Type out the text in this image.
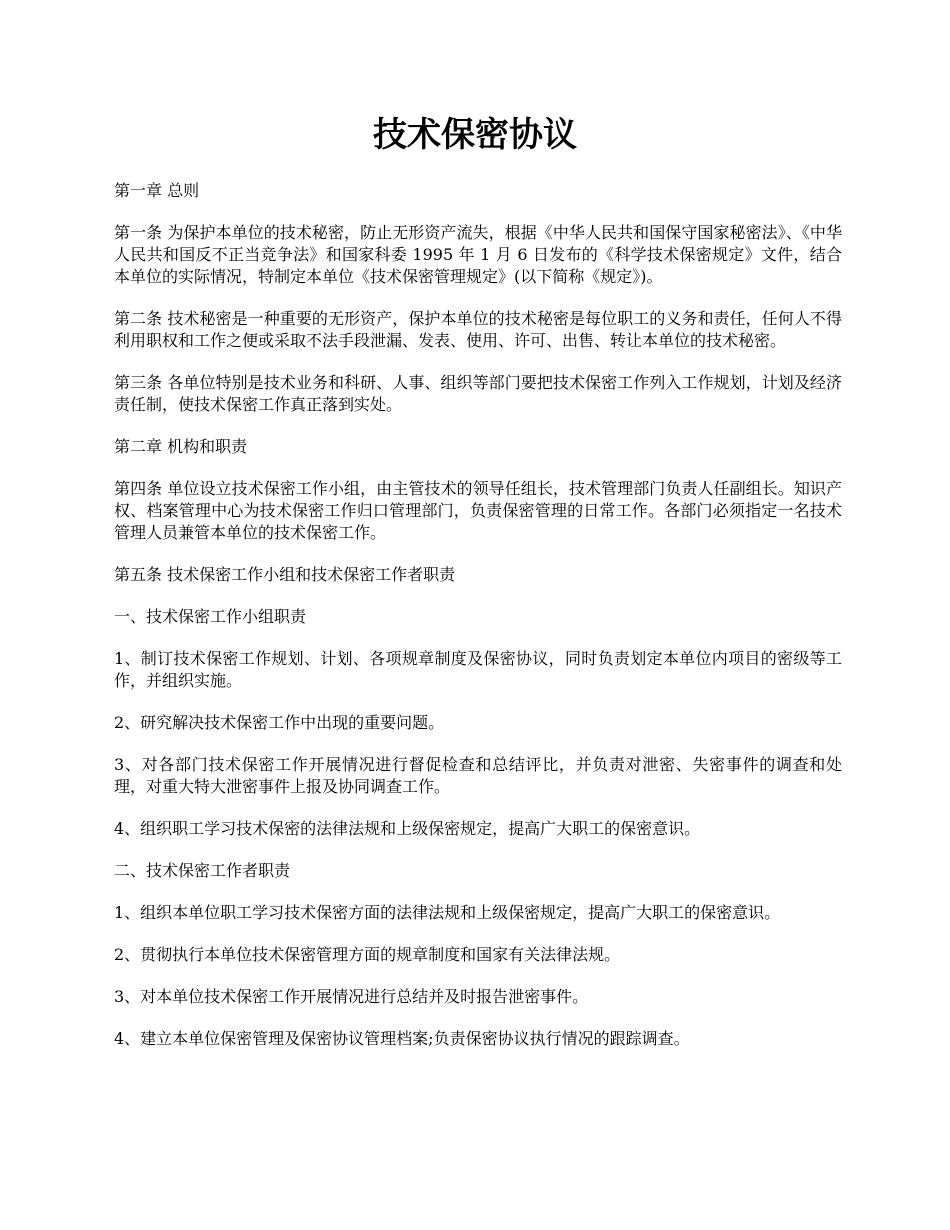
技术保密协议

第一章 总则

第一条 为保护本单位的技术秘密，防止无形资产流失，根据《中华人民共和国保守国家秘密法》、《中华人民共和国反不正当竞争法》和国家科委 1995 年 1 月 6 日发布的《科学技术保密规定》文件，结合本单位的实际情况，特制定本单位《技术保密管理规定》(以下简称《规定》)。

第二条 技术秘密是一种重要的无形资产，保护本单位的技术秘密是每位职工的义务和责任，任何人不得利用职权和工作之便或采取不法手段泄漏、发表、使用、许可、出售、转让本单位的技术秘密。

第三条 各单位特别是技术业务和科研、人事、组织等部门要把技术保密工作列入工作规划，计划及经济责任制，使技术保密工作真正落到实处。

第二章 机构和职责

第四条 单位设立技术保密工作小组，由主管技术的领导任组长，技术管理部门负责人任副组长。知识产权、档案管理中心为技术保密工作归口管理部门，负责保密管理的日常工作。各部门必须指定一名技术管理人员兼管本单位的技术保密工作。

第五条 技术保密工作小组和技术保密工作者职责

一、技术保密工作小组职责

1、制订技术保密工作规划、计划、各项规章制度及保密协议，同时负责划定本单位内项目的密级等工作，并组织实施。

2、研究解决技术保密工作中出现的重要问题。

3、对各部门技术保密工作开展情况进行督促检查和总结评比，并负责对泄密、失密事件的调查和处理，对重大特大泄密事件上报及协同调查工作。

4、组织职工学习技术保密的法律法规和上级保密规定，提高广大职工的保密意识。

二、技术保密工作者职责

1、组织本单位职工学习技术保密方面的法律法规和上级保密规定，提高广大职工的保密意识。

2、贯彻执行本单位技术保密管理方面的规章制度和国家有关法律法规。

3、对本单位技术保密工作开展情况进行总结并及时报告泄密事件。

4、建立本单位保密管理及保密协议管理档案;负责保密协议执行情况的跟踪调查。
